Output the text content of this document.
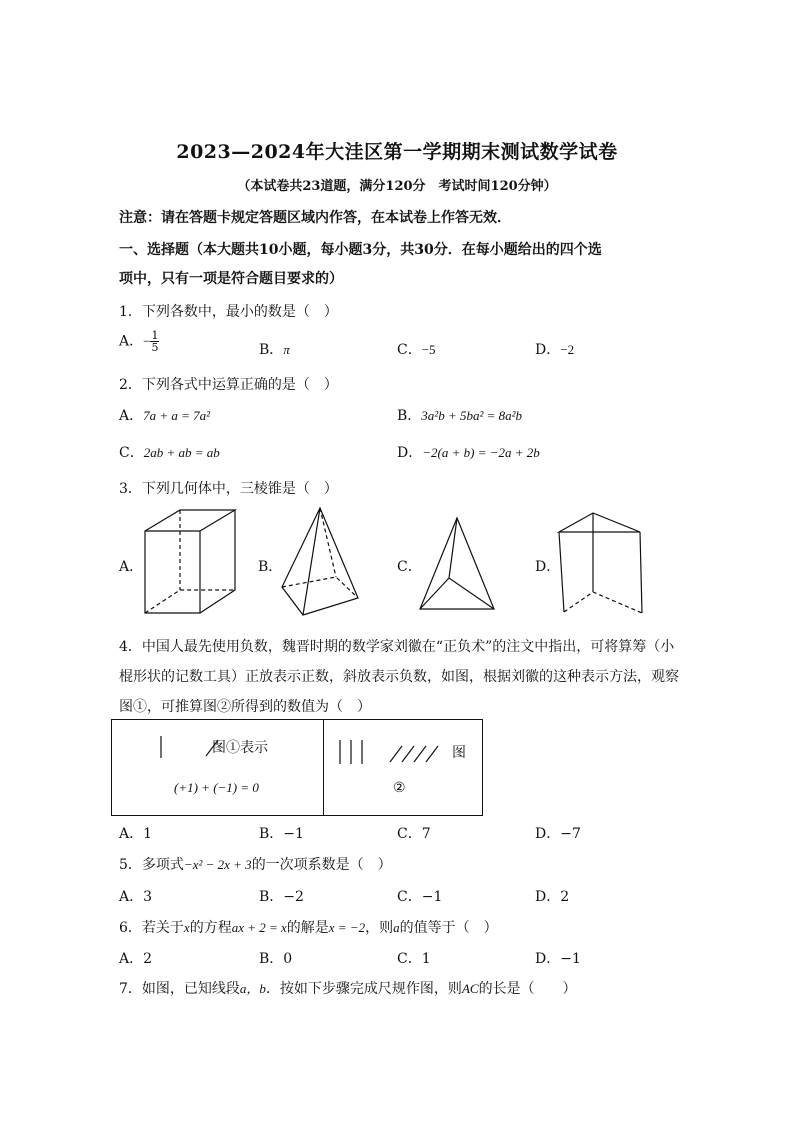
2023—2024年大洼区第一学期期末测试数学试卷
（本试卷共23道题，满分120分　考试时间120分钟）
注意：请在答题卡规定答题区域内作答，在本试卷上作答无效．
一、选择题（本大题共10小题，每小题3分，共30分．在每小题给出的四个选
项中，只有一项是符合题目要求的）
1．下列各数中，最小的数是（　）
A．− $\frac{1}{5}$	B．π	C．−5	D．−2
2．下列各式中运算正确的是（　）
A．7a + a = 7a²	B．3a²b + 5ba² = 8a²b
C．2ab + ab = ab	D．−2(a + b) = −2a + 2b
3．下列几何体中，三棱锥是（　）
A．	B．	C．	D．
4．中国人最先使用负数，魏晋时期的数学家刘徽在“正负术”的注文中指出，可将算筹（小
棍形状的记数工具）正放表示正数，斜放表示负数，如图，根据刘徽的这种表示方法，观察
图①，可推算图②所得到的数值为（　）
图①表示
(+1) + (−1) = 0
图
②
A．1	B．−1	C．7	D．−7
5．多项式−x² − 2x + 3的一次项系数是（　）
A．3	B．−2	C．−1	D．2
6．若关于x的方程ax + 2 = x的解是x = −2，则a的值等于（　）
A．2	B．0	C．1	D．−1
7．如图，已知线段a，b．按如下步骤完成尺规作图，则AC的长是（　　）
